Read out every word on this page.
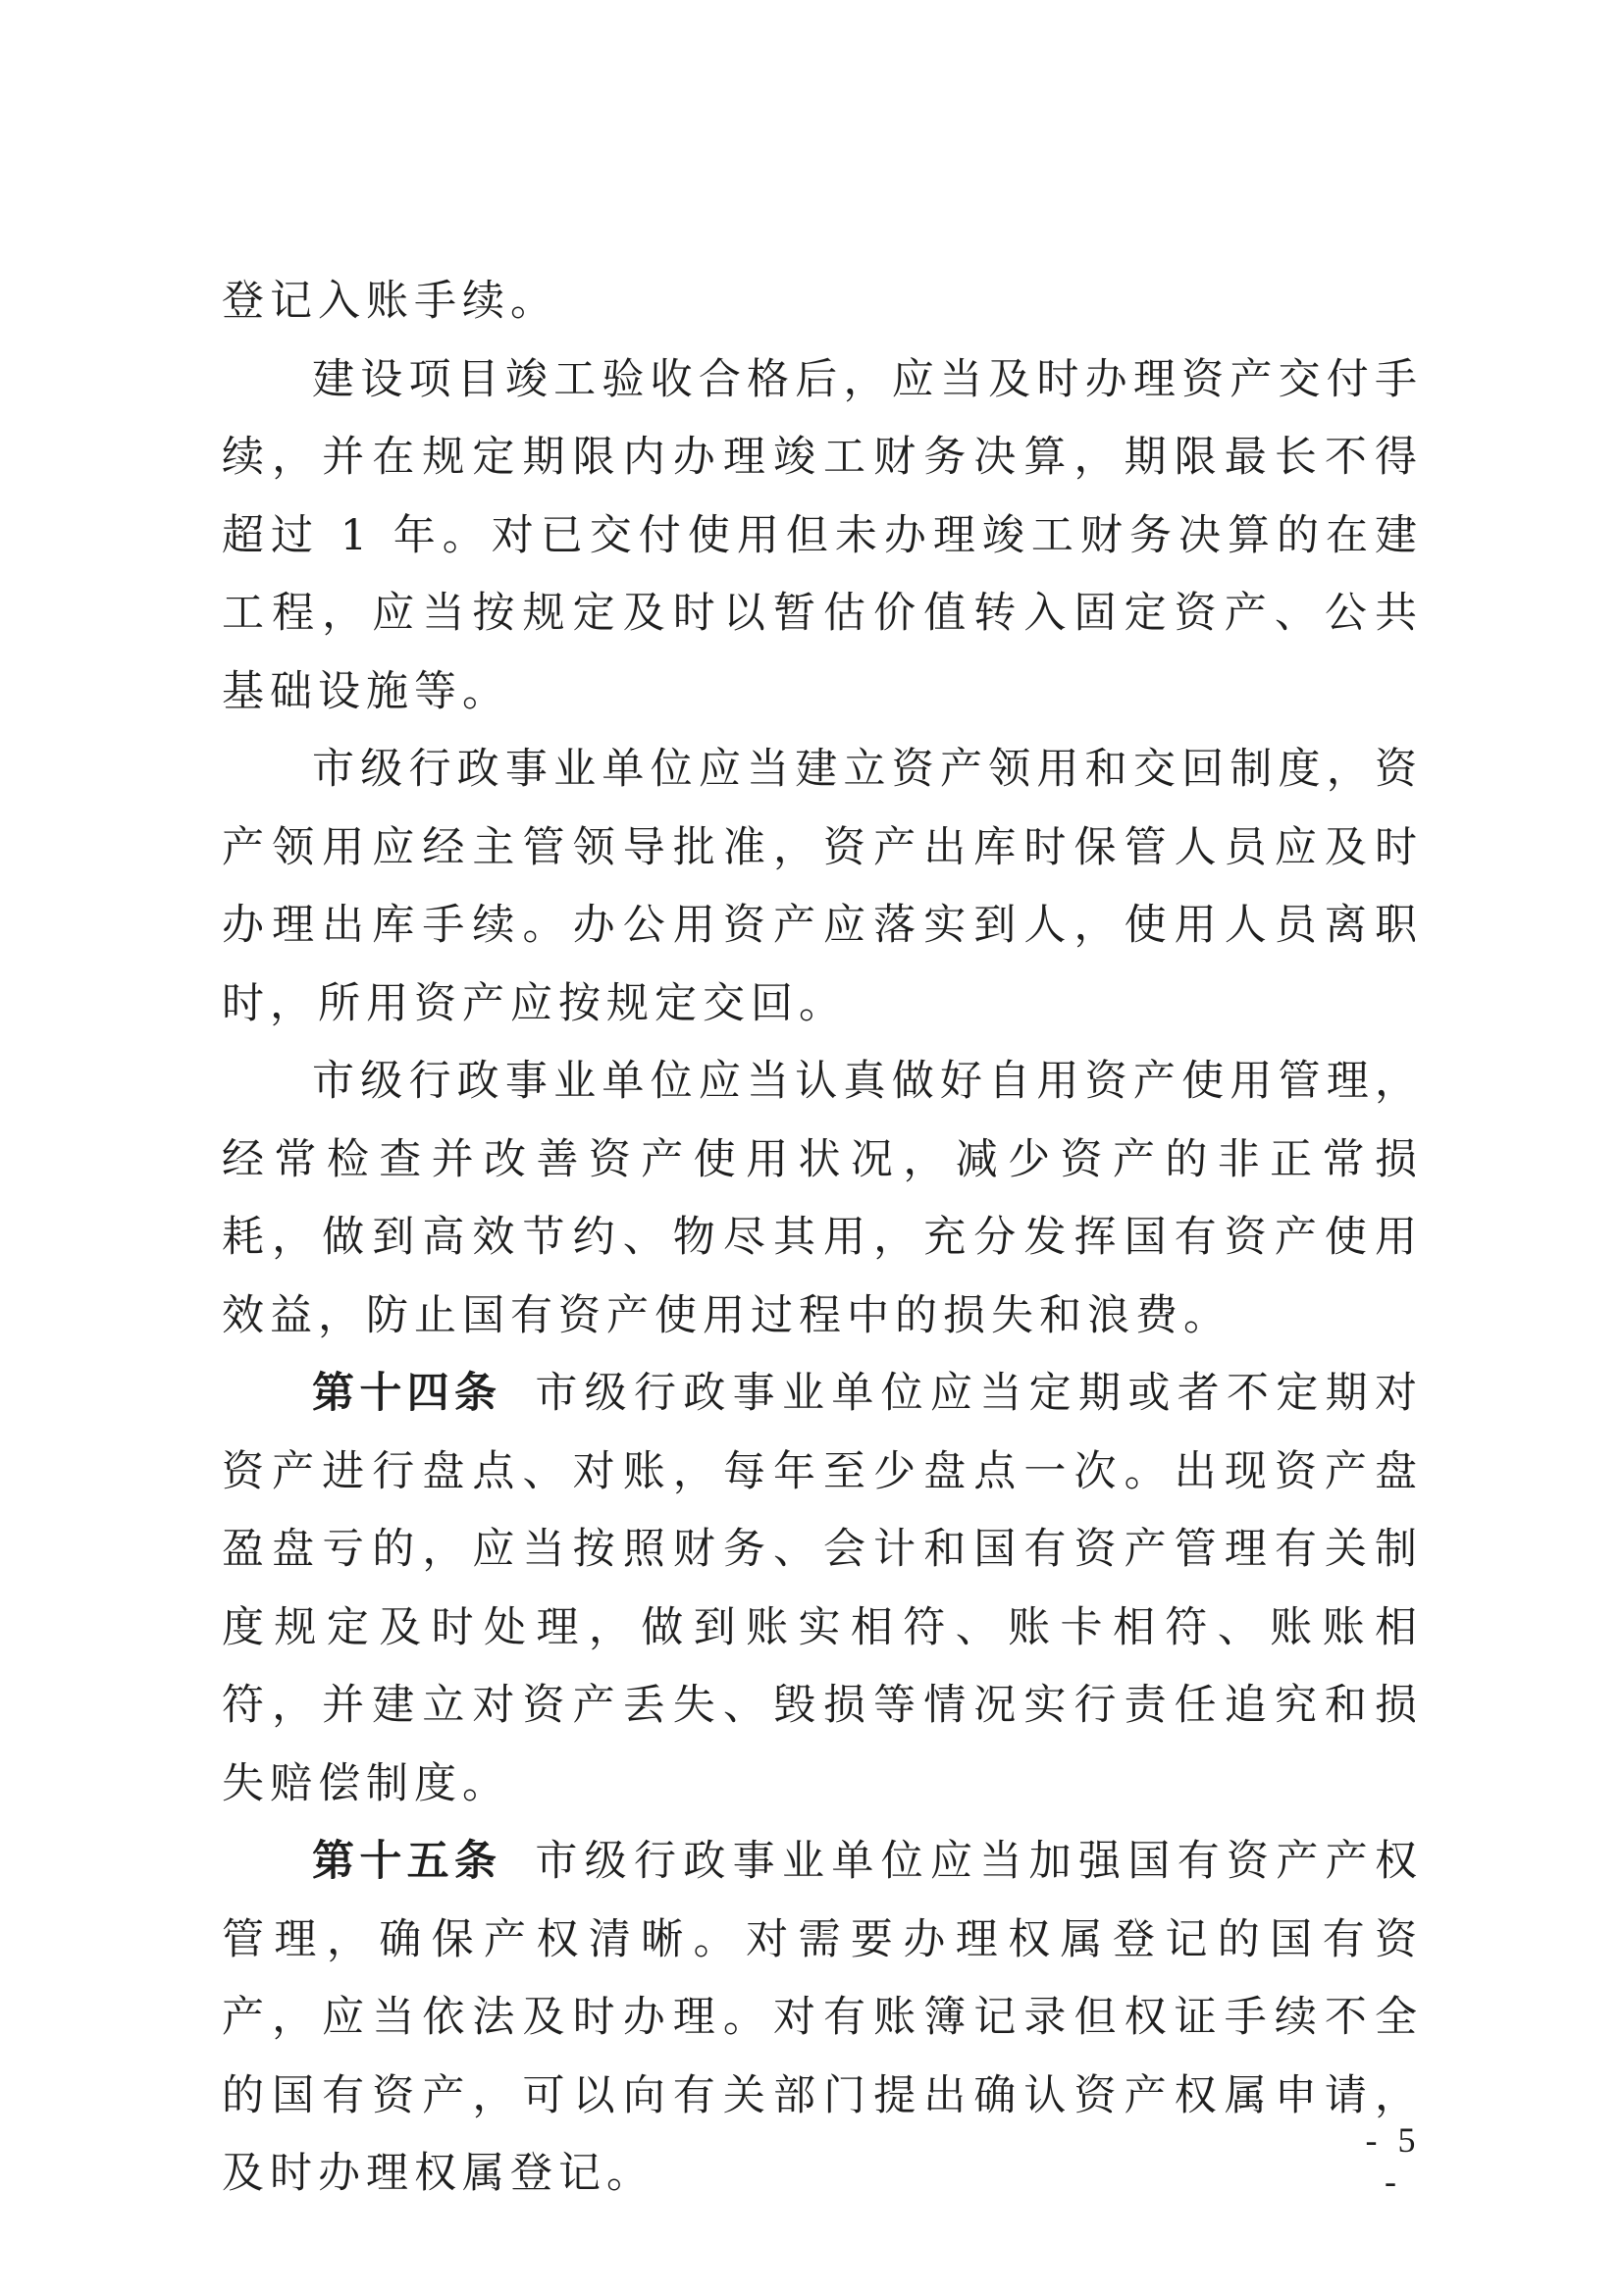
登记入账手续。

建设项目竣工验收合格后，应当及时办理资产交付手续，并在规定期限内办理竣工财务决算，期限最长不得超过 1 年。对已交付使用但未办理竣工财务决算的在建工程，应当按规定及时以暂估价值转入固定资产、公共基础设施等。

市级行政事业单位应当建立资产领用和交回制度，资产领用应经主管领导批准，资产出库时保管人员应及时办理出库手续。办公用资产应落实到人，使用人员离职时，所用资产应按规定交回。

市级行政事业单位应当认真做好自用资产使用管理，经常检查并改善资产使用状况，减少资产的非正常损耗，做到高效节约、物尽其用，充分发挥国有资产使用效益，防止国有资产使用过程中的损失和浪费。

第十四条 市级行政事业单位应当定期或者不定期对资产进行盘点、对账，每年至少盘点一次。出现资产盘盈盘亏的，应当按照财务、会计和国有资产管理有关制度规定及时处理，做到账实相符、账卡相符、账账相符，并建立对资产丢失、毁损等情况实行责任追究和损失赔偿制度。

第十五条 市级行政事业单位应当加强国有资产产权管理，确保产权清晰。对需要办理权属登记的国有资产，应当依法及时办理。对有账簿记录但权证手续不全的国有资产，可以向有关部门提出确认资产权属申请，及时办理权属登记。

- 5 -
